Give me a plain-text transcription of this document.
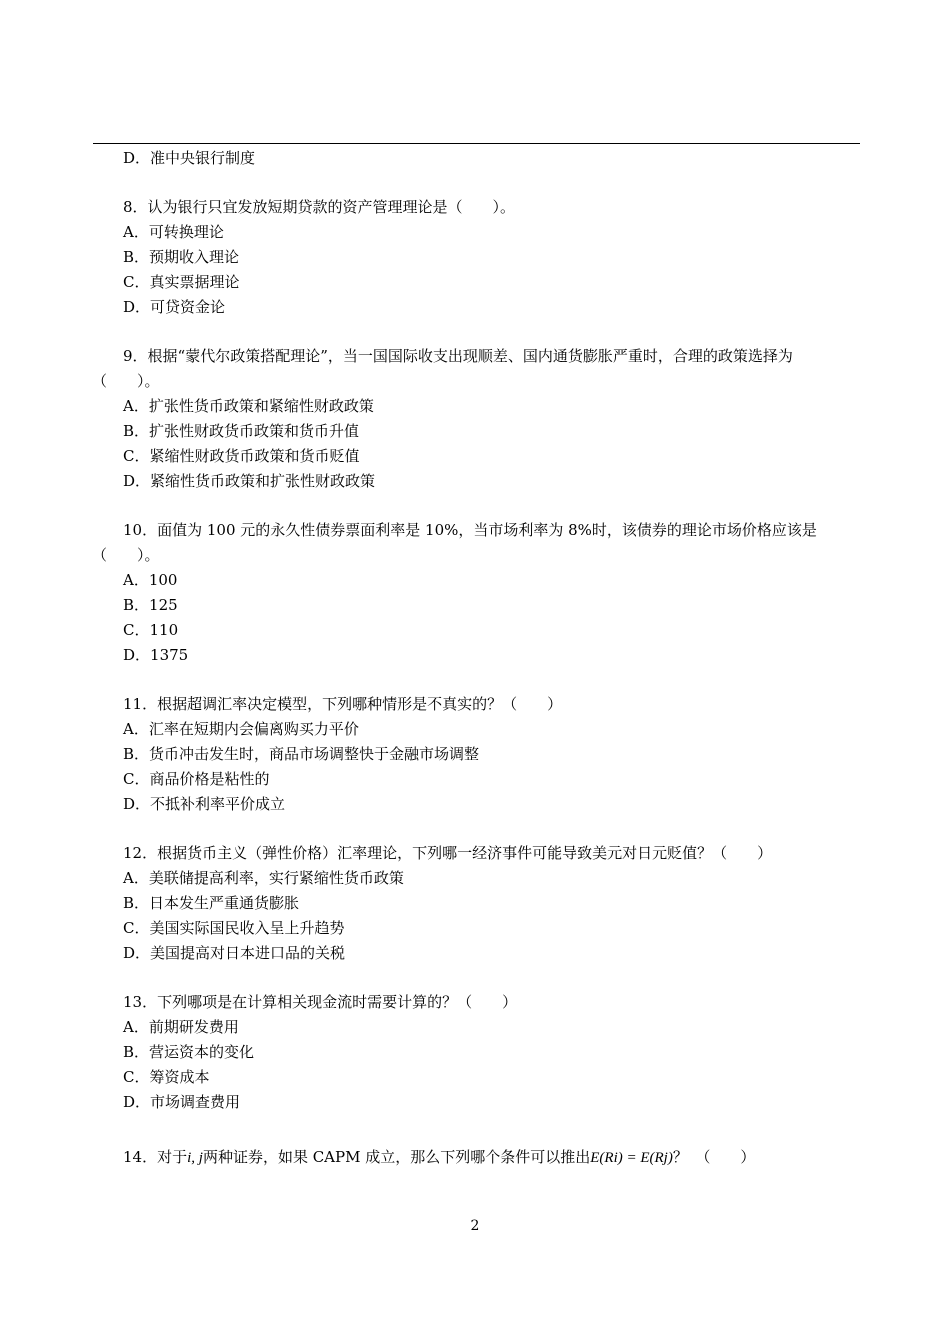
D．准中央银行制度
8．认为银行只宜发放短期贷款的资产管理理论是（　　）。
A．可转换理论
B．预期收入理论
C．真实票据理论
D．可贷资金论
9．根据“蒙代尔政策搭配理论”，当一国国际收支出现顺差、国内通货膨胀严重时，合理的政策选择为（　　）。
A．扩张性货币政策和紧缩性财政政策
B．扩张性财政货币政策和货币升值
C．紧缩性财政货币政策和货币贬值
D．紧缩性货币政策和扩张性财政政策
10．面值为 100 元的永久性债券票面利率是 10%，当市场利率为 8%时，该债券的理论市场价格应该是（　　）。
A．100
B．125
C．110
D．1375
11．根据超调汇率决定模型，下列哪种情形是不真实的？（　　）
A．汇率在短期内会偏离购买力平价
B．货币冲击发生时，商品市场调整快于金融市场调整
C．商品价格是粘性的
D．不抵补利率平价成立
12．根据货币主义（弹性价格）汇率理论，下列哪一经济事件可能导致美元对日元贬值？（　　）
A．美联储提高利率，实行紧缩性货币政策
B．日本发生严重通货膨胀
C．美国实际国民收入呈上升趋势
D．美国提高对日本进口品的关税
13．下列哪项是在计算相关现金流时需要计算的？（　　）
A．前期研发费用
B．营运资本的变化
C．筹资成本
D．市场调查费用
14．对于i, j两种证券，如果 CAPM 成立，那么下列哪个条件可以推出E(Ri) = E(Rj)？　（　　）
2
